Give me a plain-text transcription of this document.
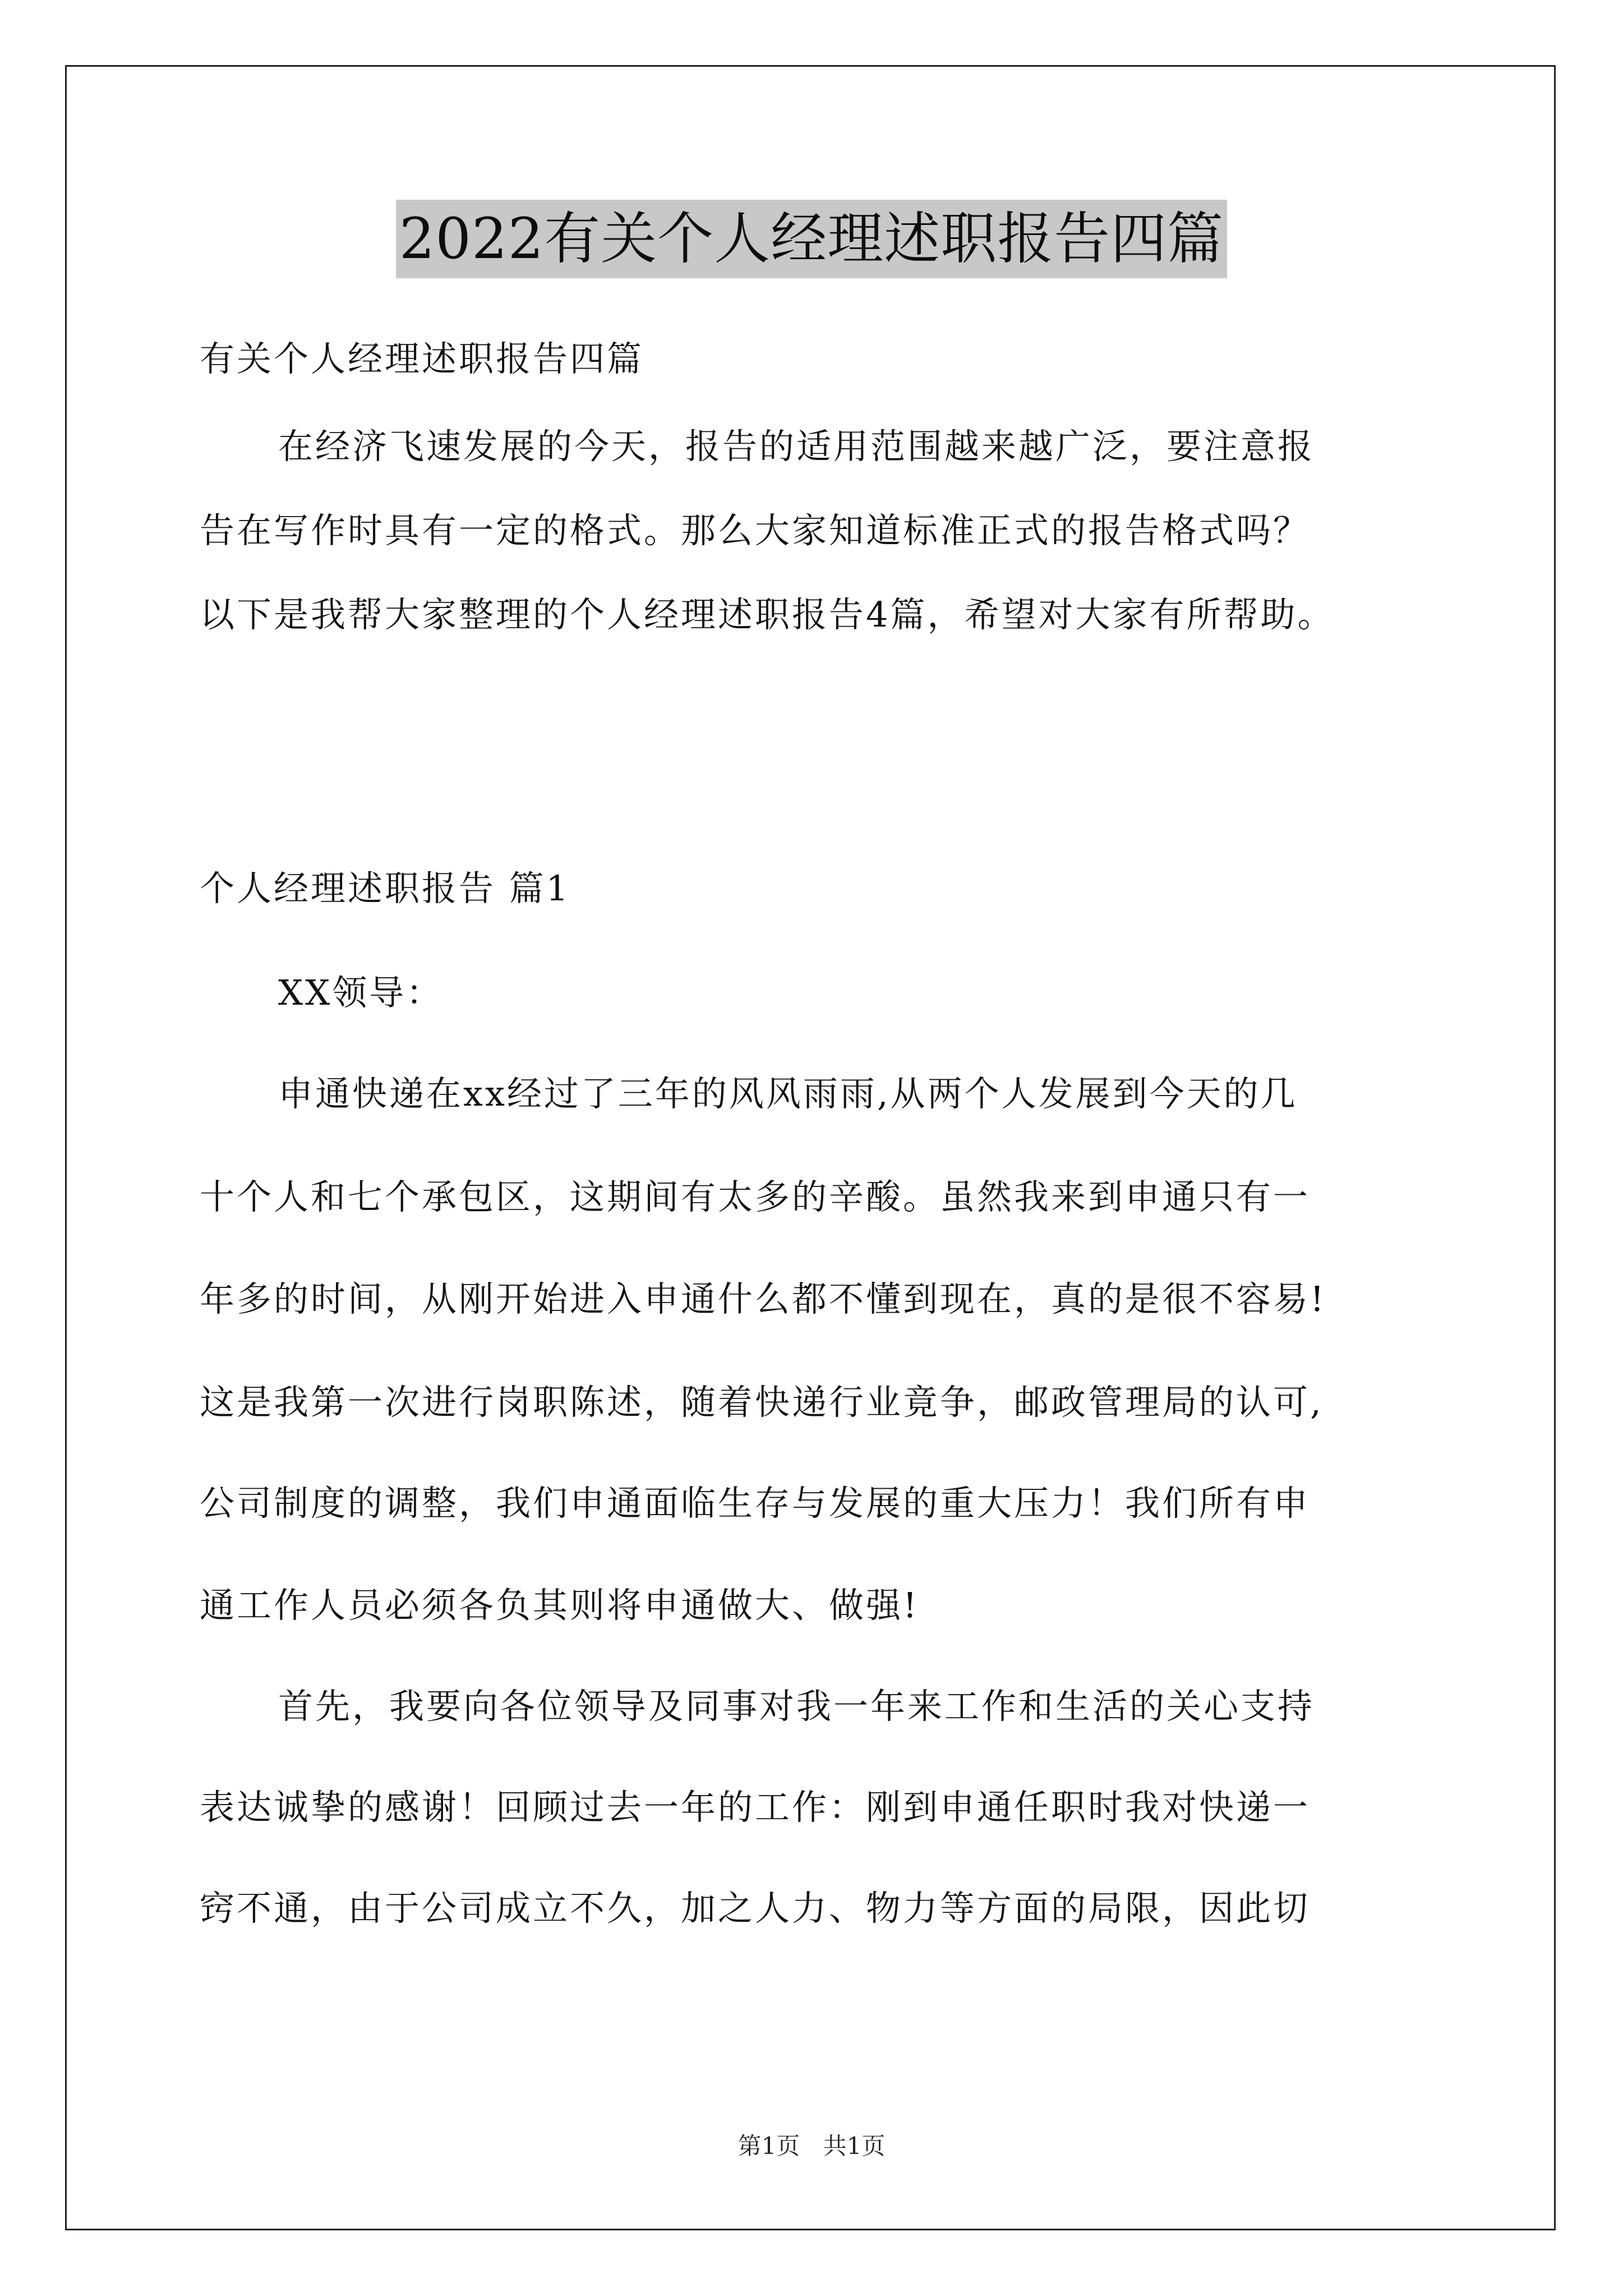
2022有关个人经理述职报告四篇
有关个人经理述职报告四篇
在经济飞速发展的今天，报告的适用范围越来越广泛，要注意报
告在写作时具有一定的格式。那么大家知道标准正式的报告格式吗？
以下是我帮大家整理的个人经理述职报告4篇，希望对大家有所帮助。
个人经理述职报告 篇1
XX领导：
申通快递在xx经过了三年的风风雨雨,从两个人发展到今天的几
十个人和七个承包区，这期间有太多的辛酸。虽然我来到申通只有一
年多的时间，从刚开始进入申通什么都不懂到现在，真的是很不容易!
这是我第一次进行岗职陈述，随着快递行业竟争，邮政管理局的认可,
公司制度的调整，我们申通面临生存与发展的重大压力！我们所有申
通工作人员必须各负其则将申通做大、做强!
首先，我要向各位领导及同事对我一年来工作和生活的关心支持
表达诚挚的感谢！回顾过去一年的工作：刚到申通任职时我对快递一
窍不通，由于公司成立不久，加之人力、物力等方面的局限，因此切
第1页 共1页
